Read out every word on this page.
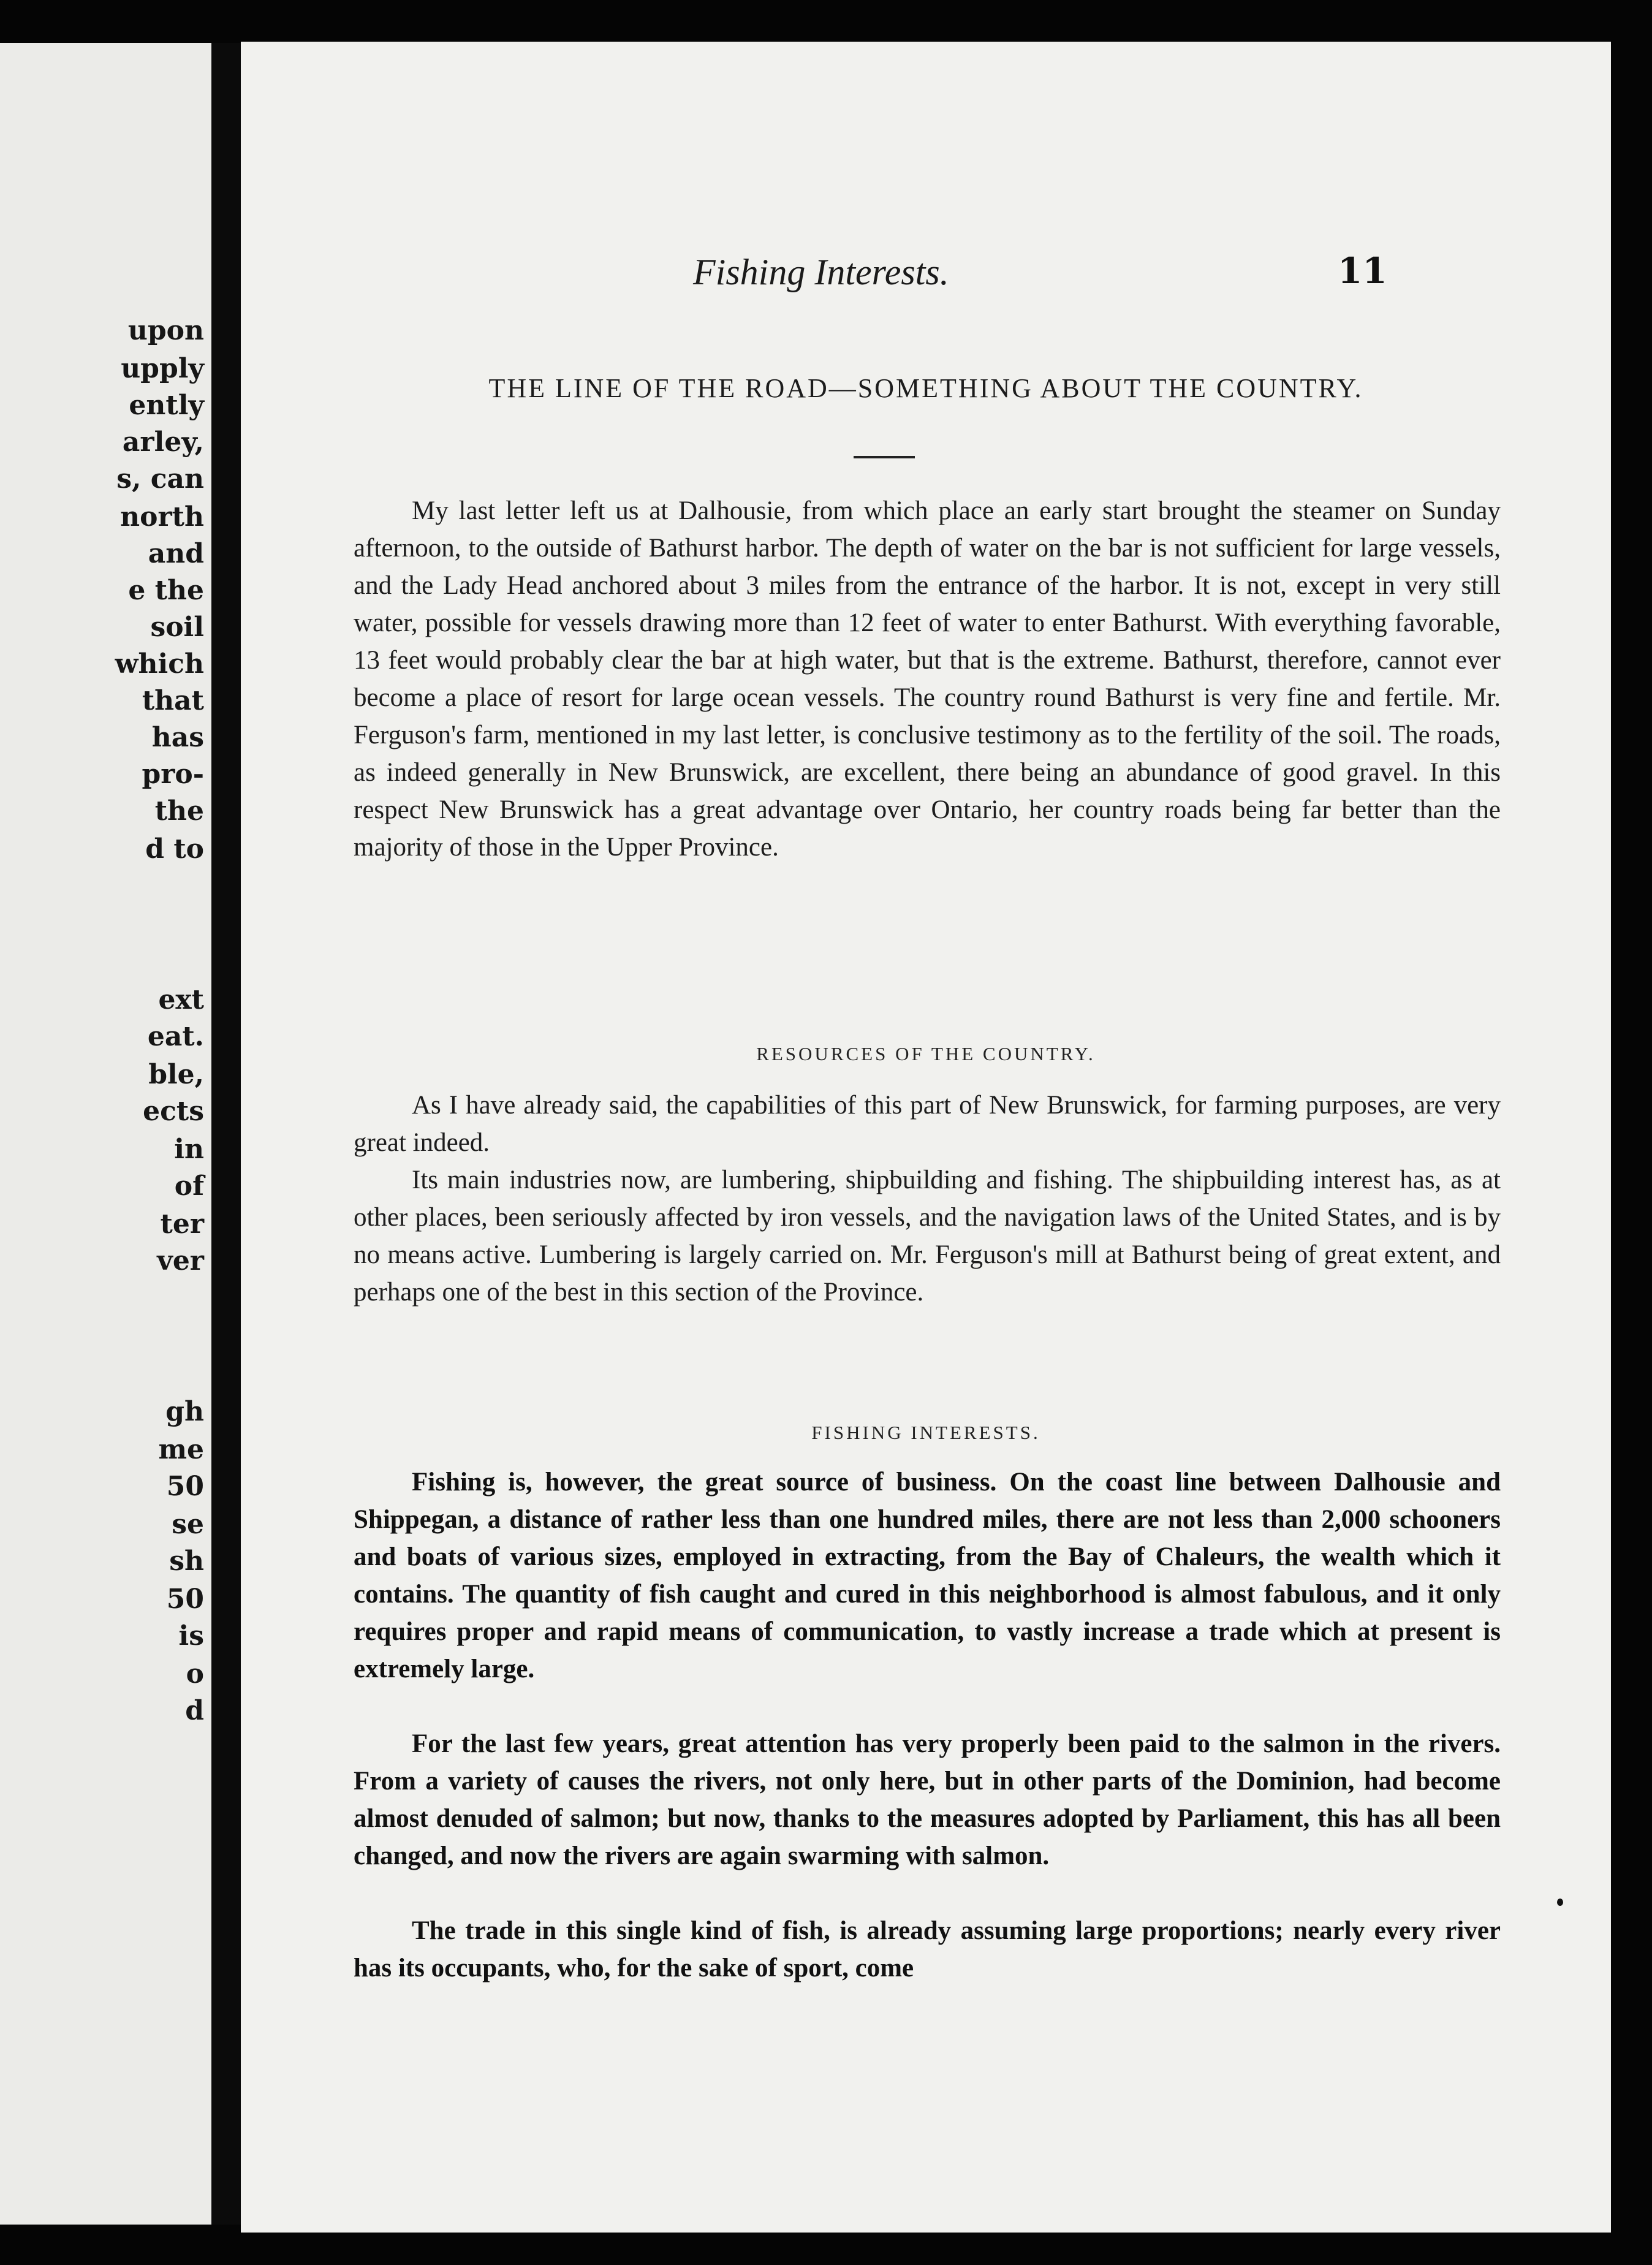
upon
upply
ently
arley,
s, can
north
and
e the
soil
which
that
has
pro-
the
d to
ext
eat.
ble,
ects
in
of
ter
ver
gh
me
50
se
sh
50
is
o
d
Fishing Interests.	11
THE LINE OF THE ROAD—SOMETHING ABOUT THE COUNTRY.
My last letter left us at Dalhousie, from which place an early start brought the steamer on Sunday afternoon, to the outside of Bathurst harbor. The depth of water on the bar is not sufficient for large vessels, and the Lady Head anchored about 3 miles from the entrance of the harbor. It is not, except in very still water, possible for vessels drawing more than 12 feet of water to enter Bathurst. With everything favorable, 13 feet would probably clear the bar at high water, but that is the extreme. Bathurst, therefore, cannot ever become a place of resort for large ocean vessels. The country round Bathurst is very fine and fertile. Mr. Ferguson's farm, mentioned in my last letter, is conclusive testimony as to the fertility of the soil. The roads, as indeed generally in New Brunswick, are excellent, there being an abundance of good gravel. In this respect New Brunswick has a great advantage over Ontario, her country roads being far better than the majority of those in the Upper Province.
RESOURCES OF THE COUNTRY.
As I have already said, the capabilities of this part of New Brunswick, for farming purposes, are very great indeed.
Its main industries now, are lumbering, shipbuilding and fishing. The shipbuilding interest has, as at other places, been seriously affected by iron vessels, and the navigation laws of the United States, and is by no means active. Lumbering is largely carried on. Mr. Ferguson's mill at Bathurst being of great extent, and perhaps one of the best in this section of the Province.
FISHING INTERESTS.
Fishing is, however, the great source of business. On the coast line between Dalhousie and Shippegan, a distance of rather less than one hundred miles, there are not less than 2,000 schooners and boats of various sizes, employed in extracting, from the Bay of Chaleurs, the wealth which it contains. The quantity of fish caught and cured in this neighborhood is almost fabulous, and it only requires proper and rapid means of communication, to vastly increase a trade which at present is extremely large.
For the last few years, great attention has very properly been paid to the salmon in the rivers. From a variety of causes the rivers, not only here, but in other parts of the Dominion, had become almost denuded of salmon; but now, thanks to the measures adopted by Parliament, this has all been changed, and now the rivers are again swarming with salmon.
The trade in this single kind of fish, is already assuming large proportions; nearly every river has its occupants, who, for the sake of sport, come
